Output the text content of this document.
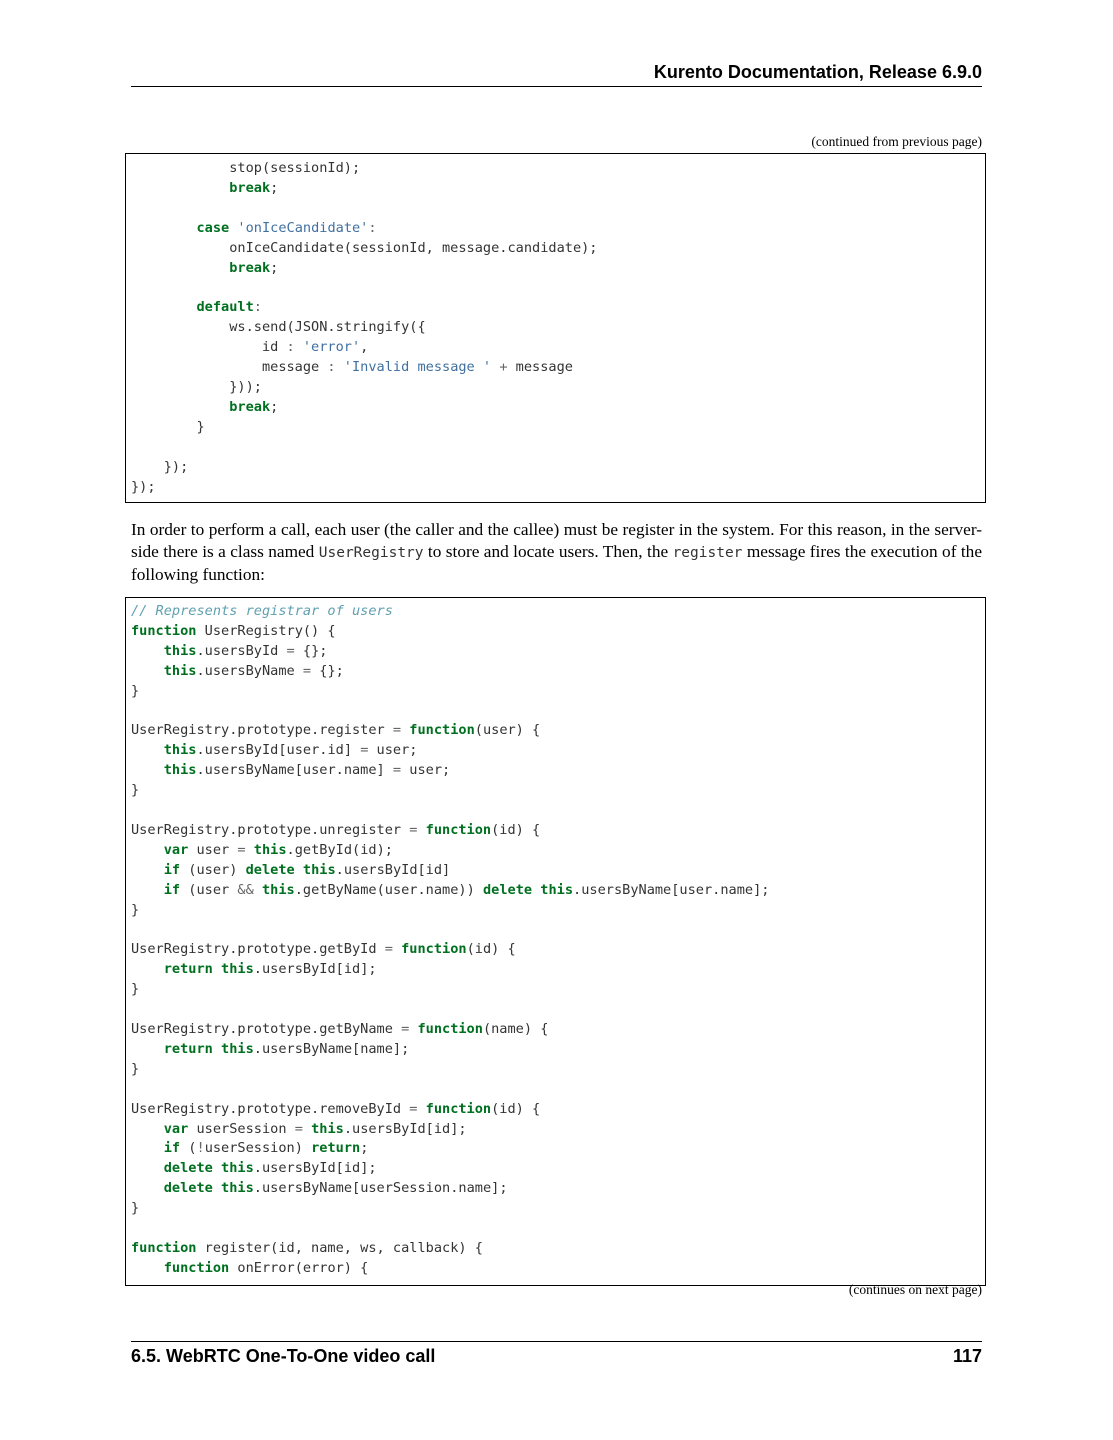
Kurento Documentation, Release 6.9.0
(continued from previous page)
stop(sessionId);
break;

case 'onIceCandidate':
onIceCandidate(sessionId, message.candidate);
break;

default:
ws.send(JSON.stringify({
id : 'error',
message : 'Invalid message ' + message
}));
break;
}

});
});

In order to perform a call, each user (the caller and the callee) must be register in the system. For this reason, in the server-side there is a class named UserRegistry to store and locate users. Then, the register message fires the execution of the following function:

// Represents registrar of users
function UserRegistry() {
this.usersById = {};
this.usersByName = {};
}

UserRegistry.prototype.register = function(user) {
this.usersById[user.id] = user;
this.usersByName[user.name] = user;
}

UserRegistry.prototype.unregister = function(id) {
var user = this.getById(id);
if (user) delete this.usersById[id]
if (user && this.getByName(user.name)) delete this.usersByName[user.name];
}

UserRegistry.prototype.getById = function(id) {
return this.usersById[id];
}

UserRegistry.prototype.getByName = function(name) {
return this.usersByName[name];
}

UserRegistry.prototype.removeById = function(id) {
var userSession = this.usersById[id];
if (!userSession) return;
delete this.usersById[id];
delete this.usersByName[userSession.name];
}

function register(id, name, ws, callback) {
function onError(error) {
(continues on next page)
6.5. WebRTC One-To-One video call	117
